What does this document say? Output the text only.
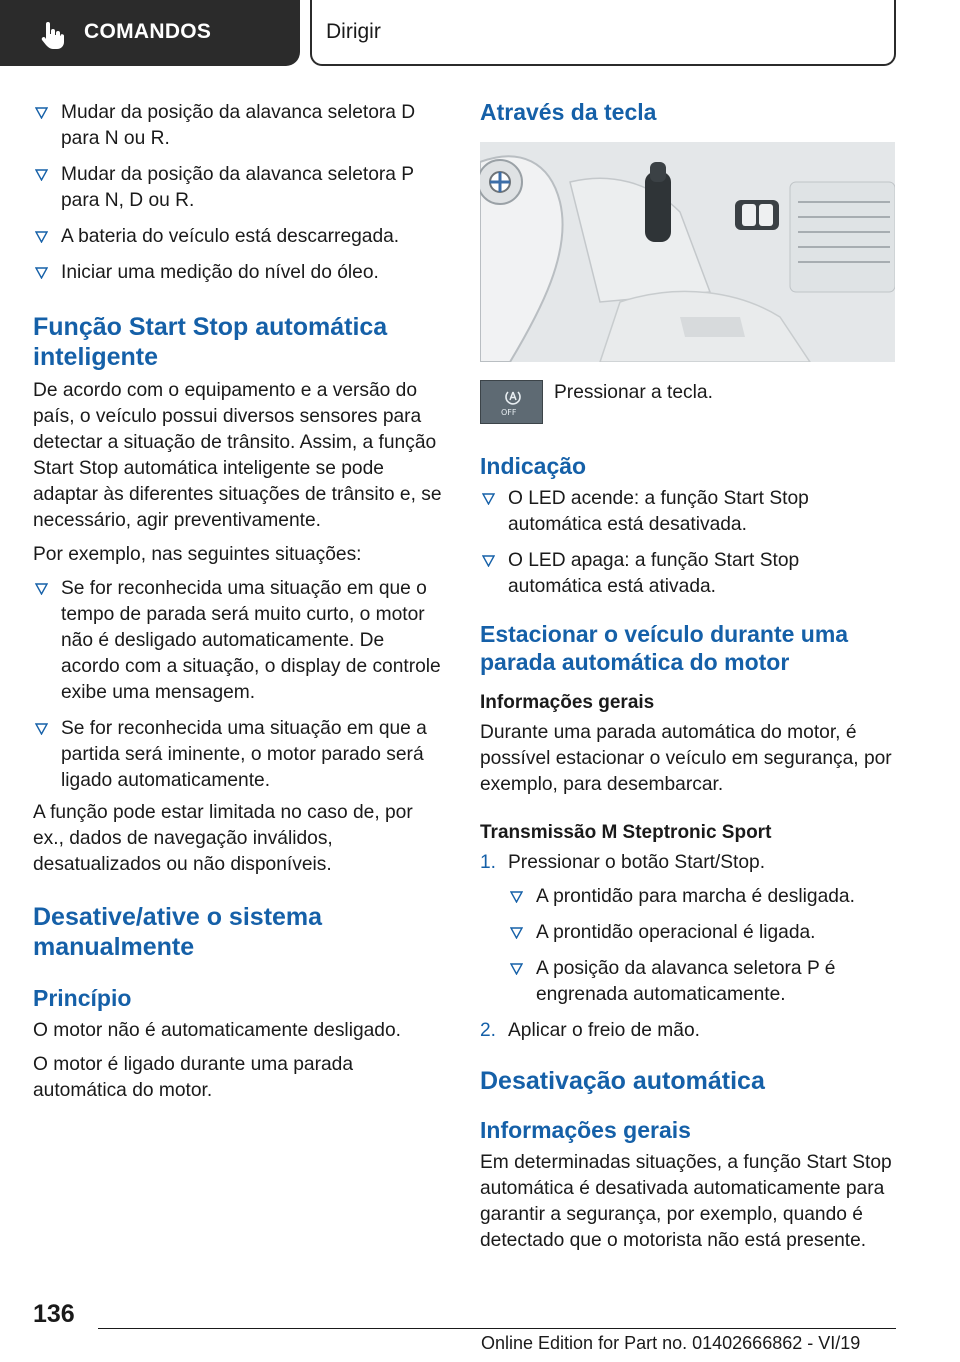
COMANDOS	Dirigir
Mudar da posição da alavanca seletora D para N ou R.
Mudar da posição da alavanca seletora P para N, D ou R.
A bateria do veículo está descarregada.
Iniciar uma medição do nível do óleo.
Função Start Stop automática inteligente

De acordo com o equipamento e a versão do país, o veículo possui diversos sensores para detectar a situação de trânsito. Assim, a função Start Stop automática inteligente se pode adaptar às diferentes situações de trânsito e, se necessário, agir preventivamente.

Por exemplo, nas seguintes situações:

Se for reconhecida uma situação em que o tempo de parada será muito curto, o motor não é desligado automaticamente. De acordo com a situação, o display de controle exibe uma mensagem.
Se for reconhecida uma situação em que a partida será iminente, o motor parado será ligado automaticamente.

A função pode estar limitada no caso de, por ex., dados de navegação inválidos, desatualizados ou não disponíveis.

Desative/ative o sistema manualmente
Princípio

O motor não é automaticamente desligado.

O motor é ligado durante uma parada automática do motor.

Através da tecla
OFF
Pressionar a tecla.
Indicação
O LED acende: a função Start Stop automática está desativada.
O LED apaga: a função Start Stop automática está ativada.
Estacionar o veículo durante uma parada automática do motor
Informações gerais

Durante uma parada automática do motor, é possível estacionar o veículo em segurança, por exemplo, para desembarcar.

Transmissão M Steptronic Sport
1. Pressionar o botão Start/Stop.
A prontidão para marcha é desligada.
A prontidão operacional é ligada.
A posição da alavanca seletora P é engrenada automaticamente.
2. Aplicar o freio de mão.
Desativação automática
Informações gerais

Em determinadas situações, a função Start Stop automática é desativada automaticamente para garantir a segurança, por exemplo, quando é detectado que o motorista não está presente.

136
Online Edition for Part no. 01402666862 - VI/19
